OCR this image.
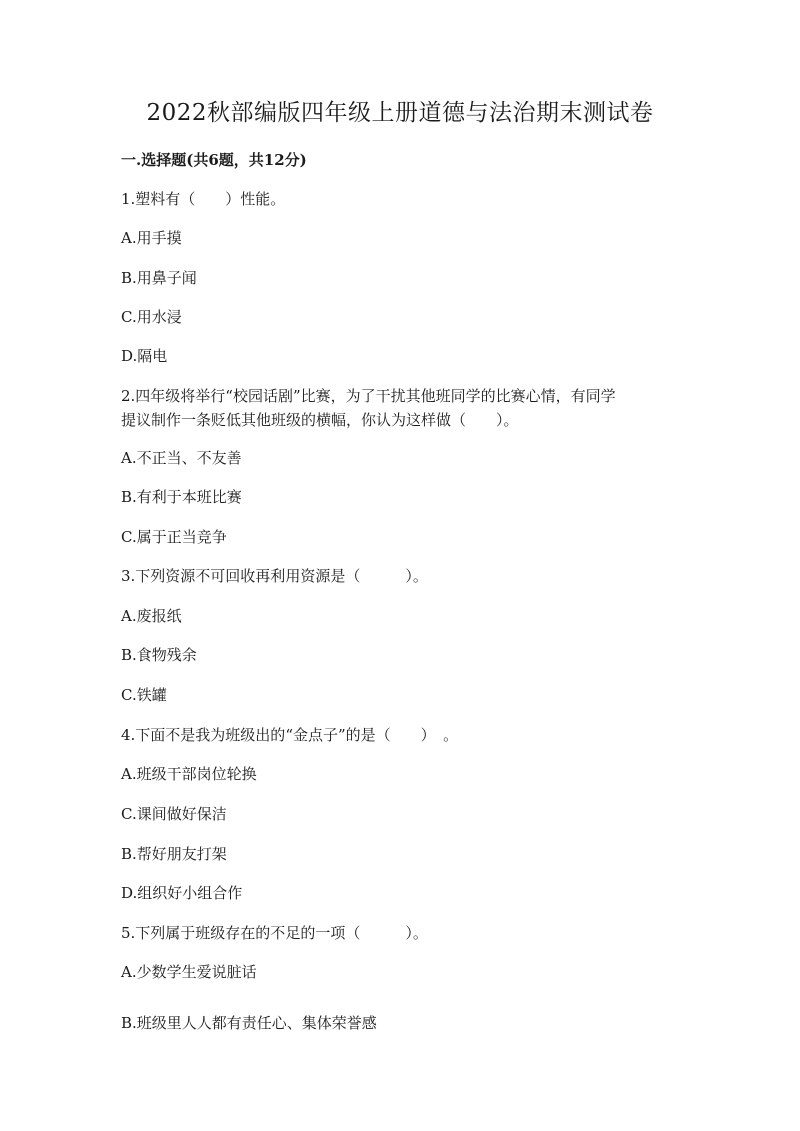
2022秋部编版四年级上册道德与法治期末测试卷
一.选择题(共6题，共12分)
1.塑料有（　　）性能。
A.用手摸
B.用鼻子闻
C.用水浸
D.隔电
2.四年级将举行“校园话剧”比赛，为了干扰其他班同学的比赛心情，有同学
提议制作一条贬低其他班级的横幅，你认为这样做（　　）。
A.不正当、不友善
B.有利于本班比赛
C.属于正当竞争
3.下列资源不可回收再利用资源是（　　　）。
A.废报纸
B.食物残余
C.铁罐
4.下面不是我为班级出的“金点子”的是（　　）　。
A.班级干部岗位轮换
C.课间做好保洁
B.帮好朋友打架
D.组织好小组合作
5.下列属于班级存在的不足的一项（　　　）。
A.少数学生爱说脏话
B.班级里人人都有责任心、集体荣誉感
